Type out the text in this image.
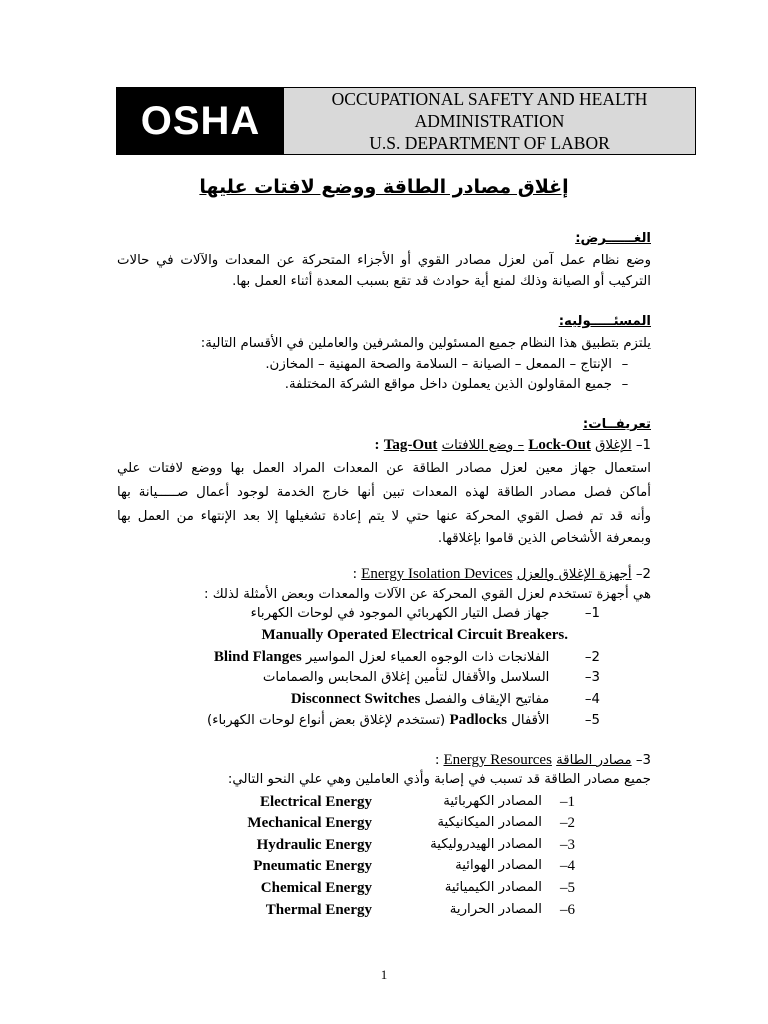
OSHA	OCCUPATIONAL SAFETY AND HEALTH
ADMINISTRATION
U.S. DEPARTMENT OF LABOR
إغلاق مصادر الطاقة ووضع لافتات عليها
الغــــــرض:
وضع نظام عمل آمن لعزل مصادر القوي أو الأجزاء المتحركة عن المعدات والآلات في حالات
التركيب أو الصيانة وذلك لمنع أية حوادث قد تقع بسبب المعدة أثناء العمل بها.
المسئـــــوليه:
يلتزم بتطبيق هذا النظام جميع المسئولين والمشرفين والعاملين في الأقسام التالية:
–الإنتاج – الممعل – الصيانة – السلامة والصحة المهنية – المخازن.
–جميع المقاولون الذين يعملون داخل مواقع الشركة المختلفة.
تعريفــات:
1– الإغلاق Lock-Out – وضع اللافتات Tag-Out :
استعمال جهاز معين لعزل مصادر الطاقة عن المعدات المراد العمل بها ووضع لافتات علي
أماكن فصل مصادر الطاقة لهذه المعدات تبين أنها خارج الخدمة لوجود أعمال صـــــيانة بها
وأنه قد تم فصل القوي المحركة عنها حتي لا يتم إعادة تشغيلها إلا بعد الإنتهاء من العمل بها
وبمعرفة الأشخاص الذين قاموا بإغلاقها.
2– أجهزة الإغلاق والعزل Energy Isolation Devices :
هي أجهزة تستخدم لعزل القوي المحركة عن الآلات والمعدات وبعض الأمثلة لذلك :
–1   جهاز فصل التيار الكهربائي الموجود في لوحات الكهرباء
Manually Operated Electrical Circuit Breakers.
–2   الفلانجات ذات الوجوه العمياء لعزل المواسير Blind Flanges
–3   السلاسل والأقفال لتأمين إغلاق المحابس والصمامات
–4   مفاتيح الإيقاف والفصل Disconnect Switches
–5   الأقفال Padlocks (تستخدم لإغلاق بعض أنواع لوحات الكهرباء)
3– مصادر الطاقة Energy Resources :
جميع مصادر الطاقة قد تسبب في إصابة وأذي العاملين وهي علي النحو التالي:
–1
المصادر الكهربائية
Electrical Energy
–2
المصادر الميكانيكية
Mechanical Energy
–3
المصادر الهيدروليكية
Hydraulic Energy
–4
المصادر الهوائية
Pneumatic Energy
–5
المصادر الكيميائية
Chemical Energy
–6
المصادر الحرارية
Thermal Energy
1
